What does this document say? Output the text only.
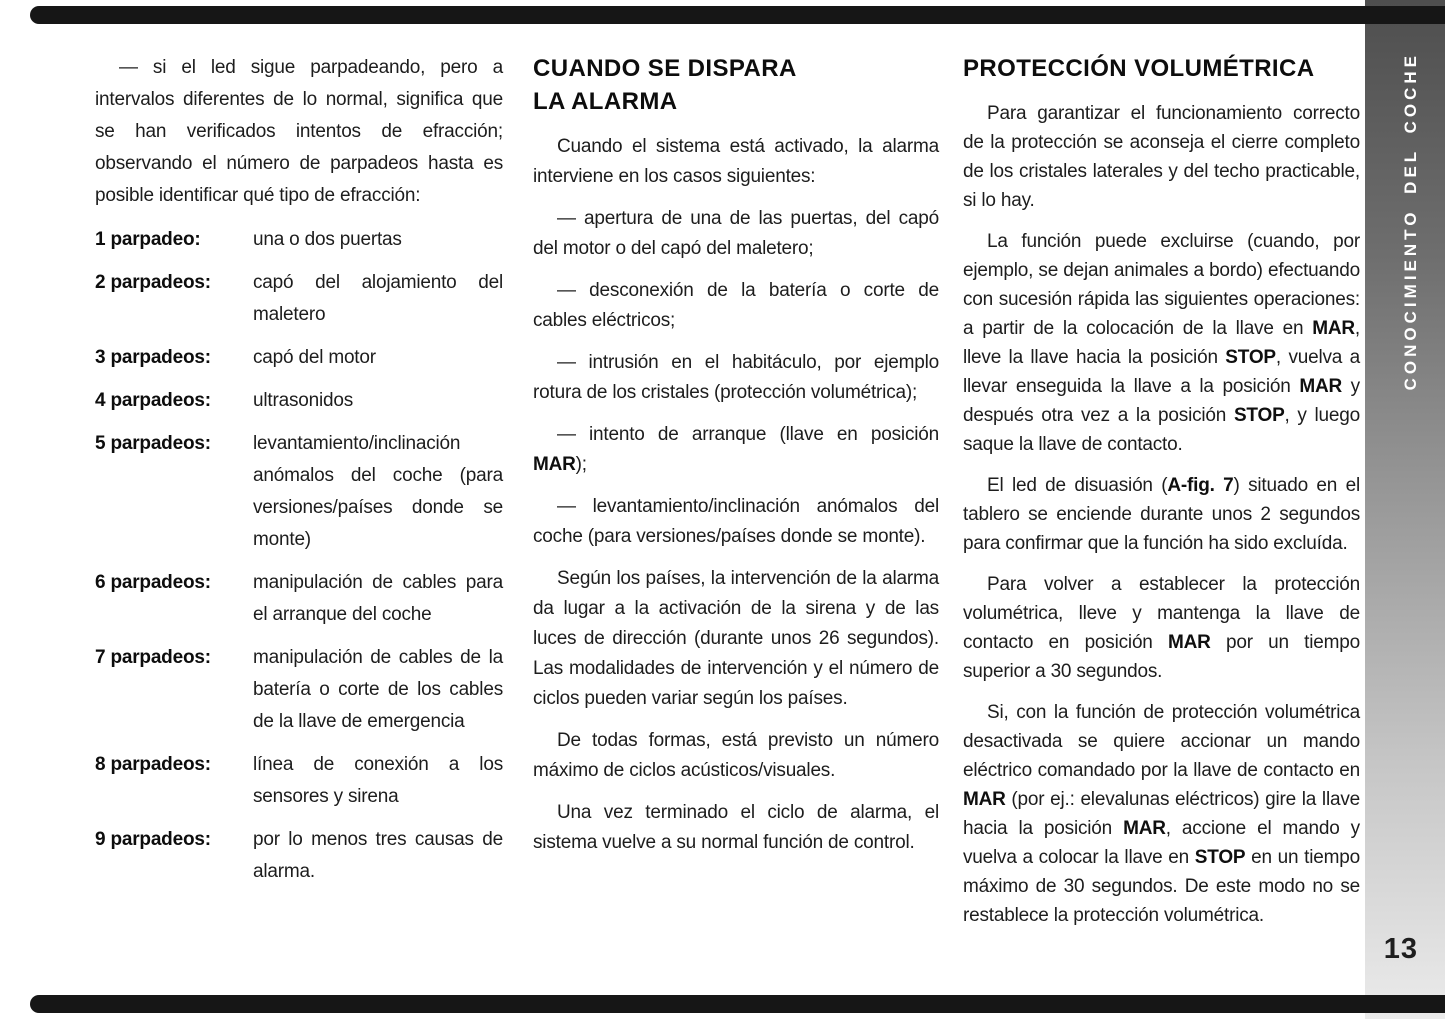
CONOCIMIENTO DEL COCHE
13

— si el led sigue parpadeando, pero a intervalos diferentes de lo normal, significa que se han verificados intentos de efracción; observando el número de parpadeos hasta es posible identificar qué tipo de efracción:

1 parpadeo:	una o dos puertas
2 parpadeos:	capó del alojamiento del maletero
3 parpadeos:	capó del motor
4 parpadeos:	ultrasonidos
5 parpadeos:	levantamiento/inclinación anómalos del coche (para versiones/países donde se monte)
6 parpadeos:	manipulación de cables para el arranque del coche
7 parpadeos:	manipulación de cables de la batería o corte de los cables de la llave de emergencia
8 parpadeos:	línea de conexión a los sensores y sirena
9 parpadeos:	por lo menos tres causas de alarma.
CUANDO SE DISPARA
LA ALARMA

Cuando el sistema está activado, la alarma interviene en los casos siguientes:

— apertura de una de las puertas, del capó del motor o del capó del maletero;

— desconexión de la batería o corte de cables eléctricos;

— intrusión en el habitáculo, por ejemplo rotura de los cristales (protección volumétrica);

— intento de arranque (llave en posición MAR);

— levantamiento/inclinación anómalos del coche (para versiones/países donde se monte).

Según los países, la intervención de la alarma da lugar a la activación de la sirena y de las luces de dirección (durante unos 26 segundos). Las modalidades de intervención y el número de ciclos pueden variar según los países.

De todas formas, está previsto un número máximo de ciclos acústicos/visuales.

Una vez terminado el ciclo de alarma, el sistema vuelve a su normal función de control.

PROTECCIÓN VOLUMÉTRICA

Para garantizar el funcionamiento correcto de la protección se aconseja el cierre completo de los cristales laterales y del techo practicable, si lo hay.

La función puede excluirse (cuando, por ejemplo, se dejan animales a bordo) efectuando con sucesión rápida las siguientes operaciones: a partir de la colocación de la llave en MAR, lleve la llave hacia la posición STOP, vuelva a llevar enseguida la llave a la posición MAR y después otra vez a la posición STOP, y luego saque la llave de contacto.

El led de disuasión (A-fig. 7) situado en el tablero se enciende durante unos 2 segundos para confirmar que la función ha sido excluída.

Para volver a establecer la protección volumétrica, lleve y mantenga la llave de contacto en posición MAR por un tiempo superior a 30 segundos.

Si, con la función de protección volumétrica desactivada se quiere accionar un mando eléctrico comandado por la llave de contacto en MAR (por ej.: elevalunas eléctricos) gire la llave hacia la posición MAR, accione el mando y vuelva a colocar la llave en STOP en un tiempo máximo de 30 segundos. De este modo no se restablece la protección volumétrica.
